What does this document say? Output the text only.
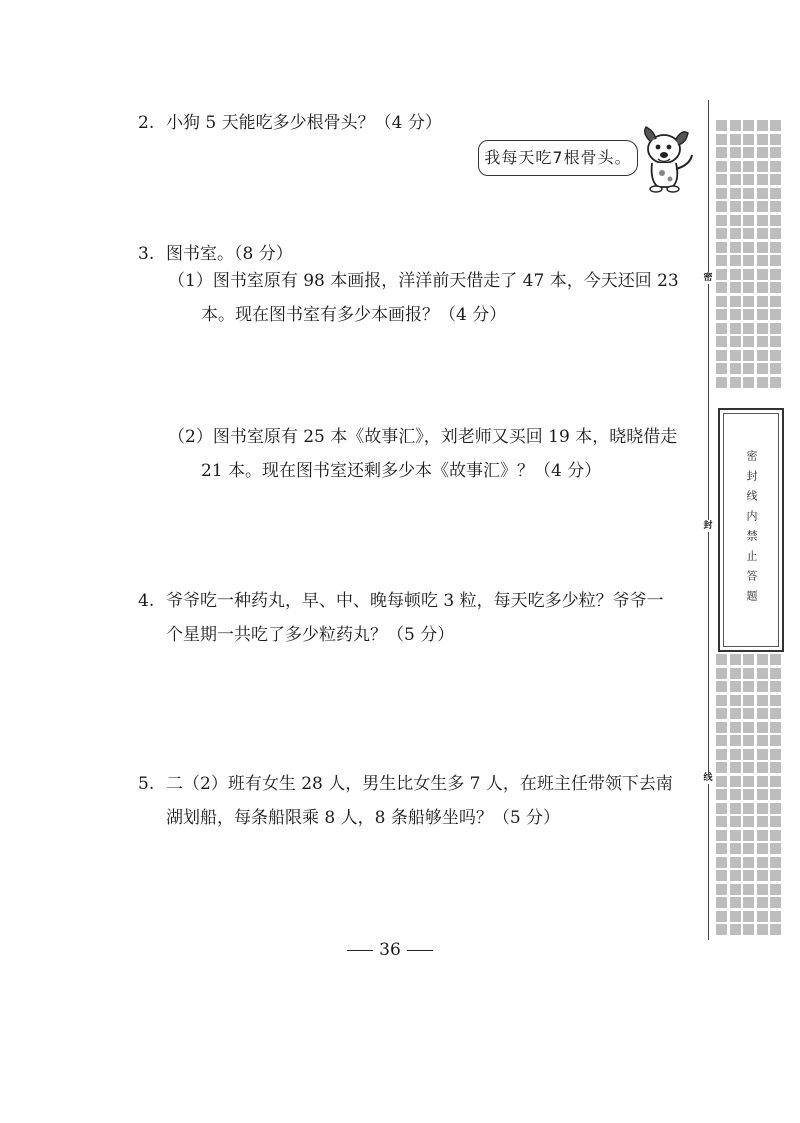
2. 小狗 5 天能吃多少根骨头？（4 分）
我每天吃7根骨头。
3. 图书室。（8 分）
（1）图书室原有 98 本画报，洋洋前天借走了 47 本，今天还回 23
本。现在图书室有多少本画报？（4 分）
（2）图书室原有 25 本《故事汇》，刘老师又买回 19 本，晓晓借走
21 本。现在图书室还剩多少本《故事汇》？（4 分）
4. 爷爷吃一种药丸，早、中、晚每顿吃 3 粒，每天吃多少粒？爷爷一
个星期一共吃了多少粒药丸？（5 分）
5. 二（2）班有女生 28 人，男生比女生多 7 人，在班主任带领下去南
湖划船，每条船限乘 8 人，8 条船够坐吗？（5 分）
36
密封线内禁止答题
密
封
线
